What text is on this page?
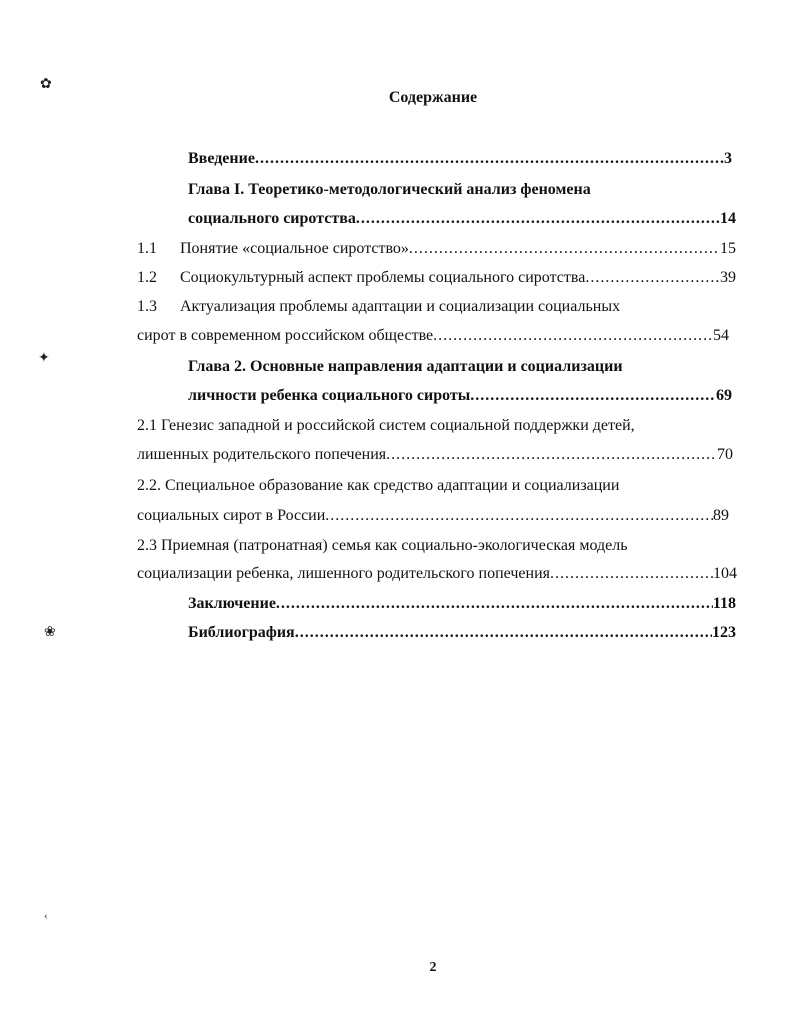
Содержание
Введение .....	3
Глава I. Теоретико-методологический анализ феномена
социального сиротства .....	14
1.1 Понятие «социальное сиротство» .....	15
1.2 Социокультурный аспект проблемы социального сиротства .....	39
1.3 Актуализация проблемы адаптации и социализации социальных
сирот в современном российском обществе .....	54
Глава 2. Основные направления адаптации и социализации
личности ребенка социального сироты .....	69
2.1 Генезис западной и российской систем социальной поддержки детей,
лишенных родительского попечения .....	70
2.2. Специальное образование как средство адаптации и социализации
социальных сирот в России .....	89
2.3 Приемная (патронатная) семья как социально-экологическая модель
социализации ребенка, лишенного родительского попечения .....	104
Заключение .....	118
Библиография .....	123
2
✿
✦
❀
‹
